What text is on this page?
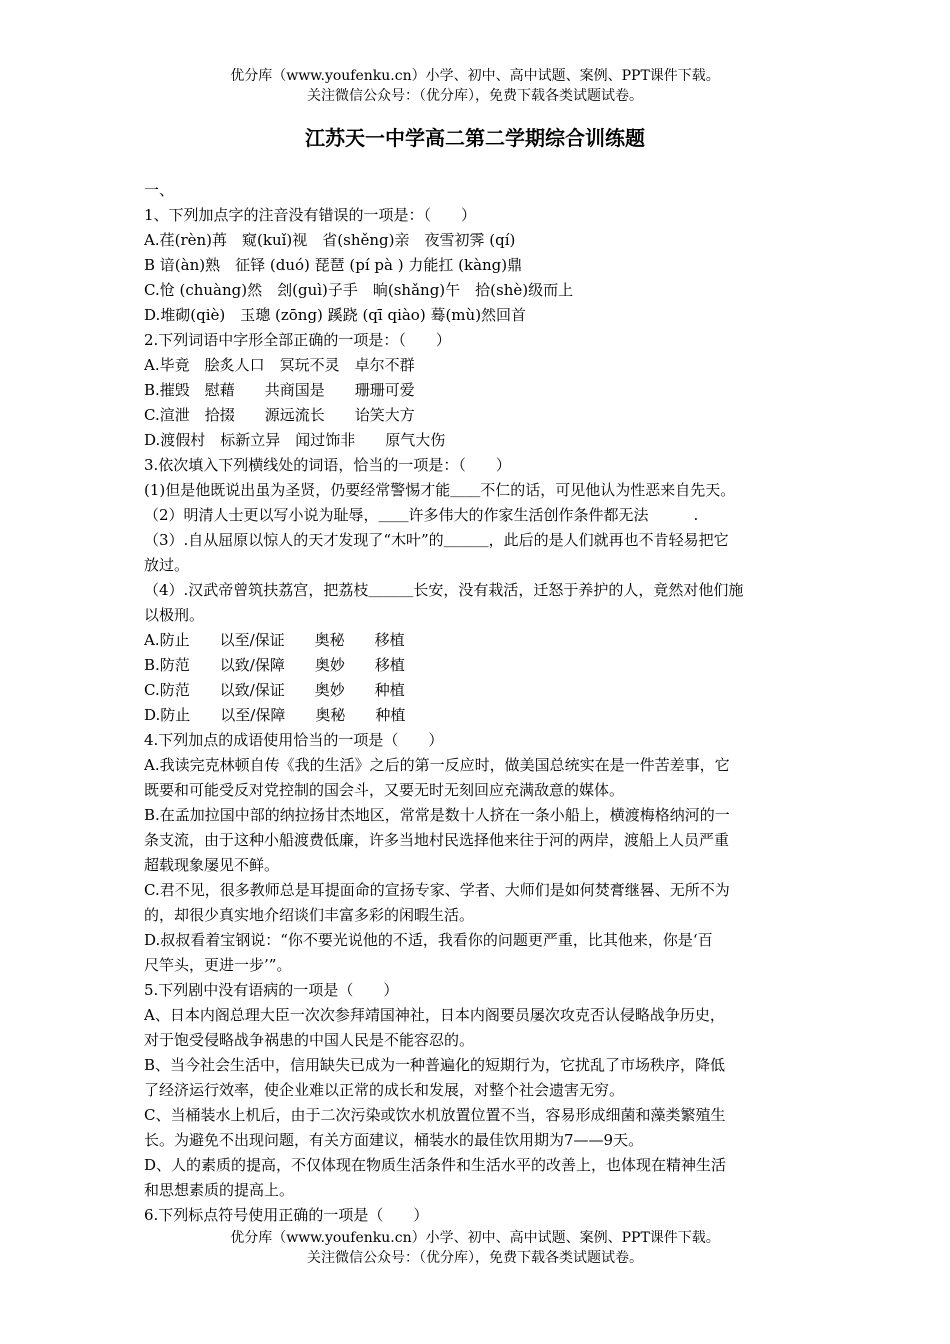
优分库（www.youfenku.cn）小学、初中、高中试题、案例、PPT课件下载。
关注微信公众号：（优分库），免费下载各类试题试卷。
江苏天一中学高二第二学期综合训练题
一、
1、下列加点字的注音没有错误的一项是：（　　）
A.荏(rèn)苒　窥(kuǐ)视　省(shěng)亲　夜雪初霁 (qí)
B 谙(àn)熟　征铎 (duó) 琵琶 (pí pà ) 力能扛 (kàng)鼎
C.怆 (chuàng)然　刽(guì)子手　晌(shǎng)午　拾(shè)级而上
D.堆砌(qiè)　玉璁 (zōng) 蹊跷 (qī qiào) 蓦(mù)然回首
2.下列词语中字形全部正确的一项是：（　　）
A.毕竟　脍炙人口　冥玩不灵　卓尔不群
B.摧毁　慰藉　　共商国是　　珊珊可爱
C.渲泄　拾掇　　源远流长　　诒笑大方
D.渡假村　标新立异　闻过饰非　　原气大伤
3.依次填入下列横线处的词语，恰当的一项是：（　　）
(1)但是他既说出虽为圣贤，仍要经常警惕才能＿＿不仁的话，可见他认为性恶来自先天。
（2）明清人士更以写小说为耻辱，＿＿许多伟大的作家生活创作条件都无法　　　.
（3）.自从屈原以惊人的天才发现了“木叶”的＿＿＿，此后的是人们就再也不肯轻易把它
放过。
（4）.汉武帝曾筑扶荔宫，把荔枝＿＿＿长安，没有栽活，迁怒于养护的人，竟然对他们施
以极刑。
A.防止　　以至/保证　　奥秘　　移植
B.防范　　以致/保障　　奥妙　　移植
C.防范　　以致/保证　　奥妙　　种植
D.防止　　以至/保障　　奥秘　　种植
4.下列加点的成语使用恰当的一项是（　　）
A.我读完克林顿自传《我的生活》之后的第一反应时，做美国总统实在是一件苦差事，它
既要和可能受反对党控制的国会斗，又要无时无刻回应充满敌意的媒体。
B.在孟加拉国中部的纳拉扬甘杰地区，常常是数十人挤在一条小船上，横渡梅格纳河的一
条支流，由于这种小船渡费低廉，许多当地村民选择他来往于河的两岸，渡船上人员严重
超载现象屡见不鲜。
C.君不见，很多教师总是耳提面命的宣扬专家、学者、大师们是如何焚膏继晷、无所不为
的，却很少真实地介绍谈们丰富多彩的闲暇生活。
D.叔叔看着宝钢说：“你不要光说他的不适，我看你的问题更严重，比其他来，你是‘百
尺竿头，更进一步’”。
5.下列剧中没有语病的一项是（　　）
A、日本内阁总理大臣一次次参拜靖国神社，日本内阁要员屡次攻克否认侵略战争历史，
对于饱受侵略战争祸患的中国人民是不能容忍的。
B、当今社会生活中，信用缺失已成为一种普遍化的短期行为，它扰乱了市场秩序，降低
了经济运行效率，使企业难以正常的成长和发展，对整个社会遗害无穷。
C、当桶装水上机后，由于二次污染或饮水机放置位置不当，容易形成细菌和藻类繁殖生
长。为避免不出现问题，有关方面建议，桶装水的最佳饮用期为7——9天。
D、人的素质的提高，不仅体现在物质生活条件和生活水平的改善上，也体现在精神生活
和思想素质的提高上。
6.下列标点符号使用正确的一项是（　　）
优分库（www.youfenku.cn）小学、初中、高中试题、案例、PPT课件下载。
关注微信公众号：（优分库），免费下载各类试题试卷。
